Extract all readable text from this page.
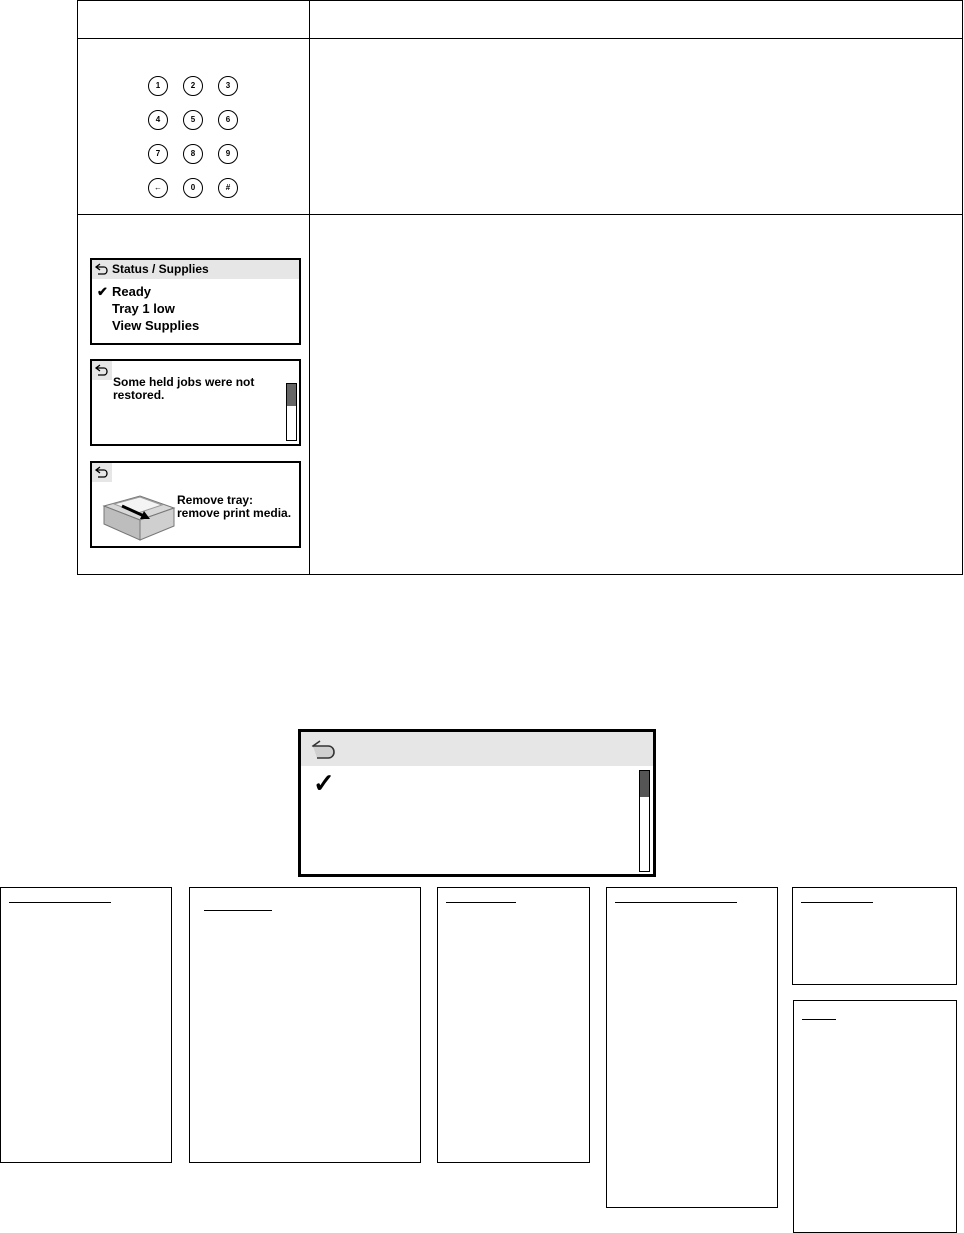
1	2	3
4	5	6
7	8	9
←	0	#
Status / Supplies
✔ Ready
Tray 1 low
View Supplies
Some held jobs were not
restored.
Remove tray:
remove print media.
✓
